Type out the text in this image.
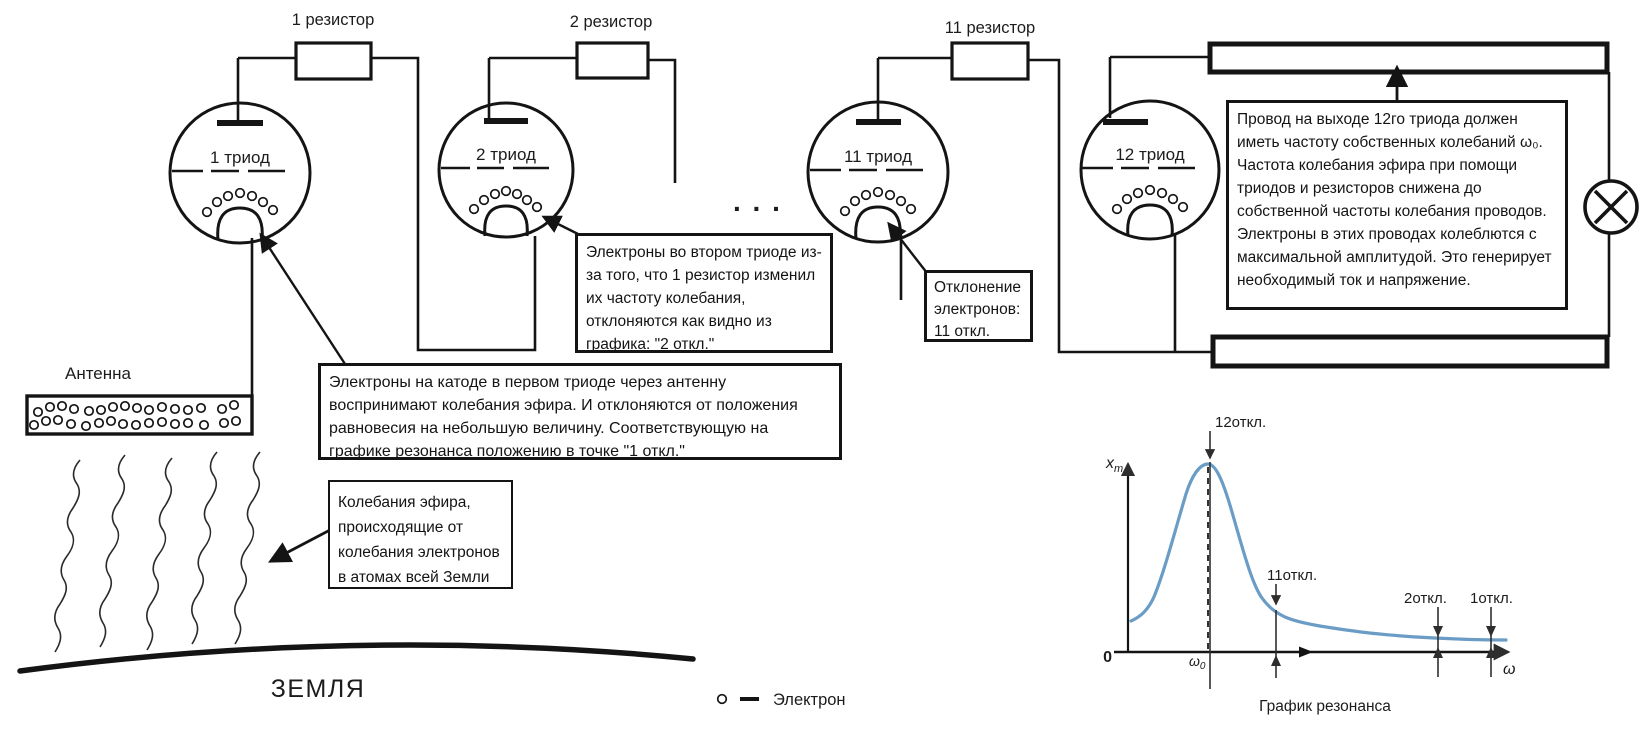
1 резистор	2 резистор	11 резистор
1 триод	2 триод
. . .
11 триод	12 триод
Антенна
ЗЕМЛЯ	Электрон
12откл.
11откл.
2откл. 1откл.
0
$x_m$
$\omega_0$	ω
График резонанса
Электроны во втором триоде из-за того, что 1 резистор изменил их частоту колебания, отклоняются как видно из графика: "2 откл."
Электроны на катоде в первом триоде через антенну воспринимают колебания эфира. И отклоняются от положения равновесия на небольшую величину. Соответствующую на графике резонанса положению в точке "1 откл."
Колебания эфира, происходящие от колебания электронов в атомах всей Земли
Отклонение электронов: 11 откл.
Провод на выходе 12го триода должен иметь частоту собственных колебаний ω₀. Частота колебания эфира при помощи триодов и резисторов снижена до собственной частоты колебания проводов. Электроны в этих проводах колеблются с максимальной амплитудой. Это генерирует необходимый ток и напряжение.
